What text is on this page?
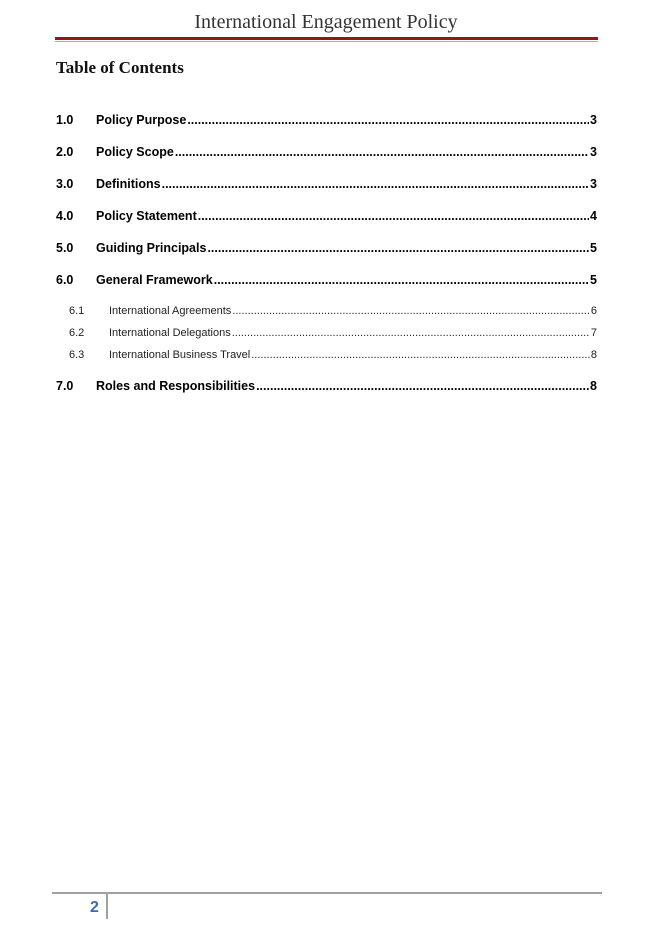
International Engagement Policy
Table of Contents
1.0	Policy Purpose .....	3
2.0	Policy Scope .....	3
3.0	Definitions .....	3
4.0	Policy Statement .....	4
5.0	Guiding Principals .....	5
6.0	General Framework .....	5
6.1	International Agreements .....	6
6.2	International Delegations .....	7
6.3	International Business Travel .....	8
7.0	Roles and Responsibilities .....	8
2
